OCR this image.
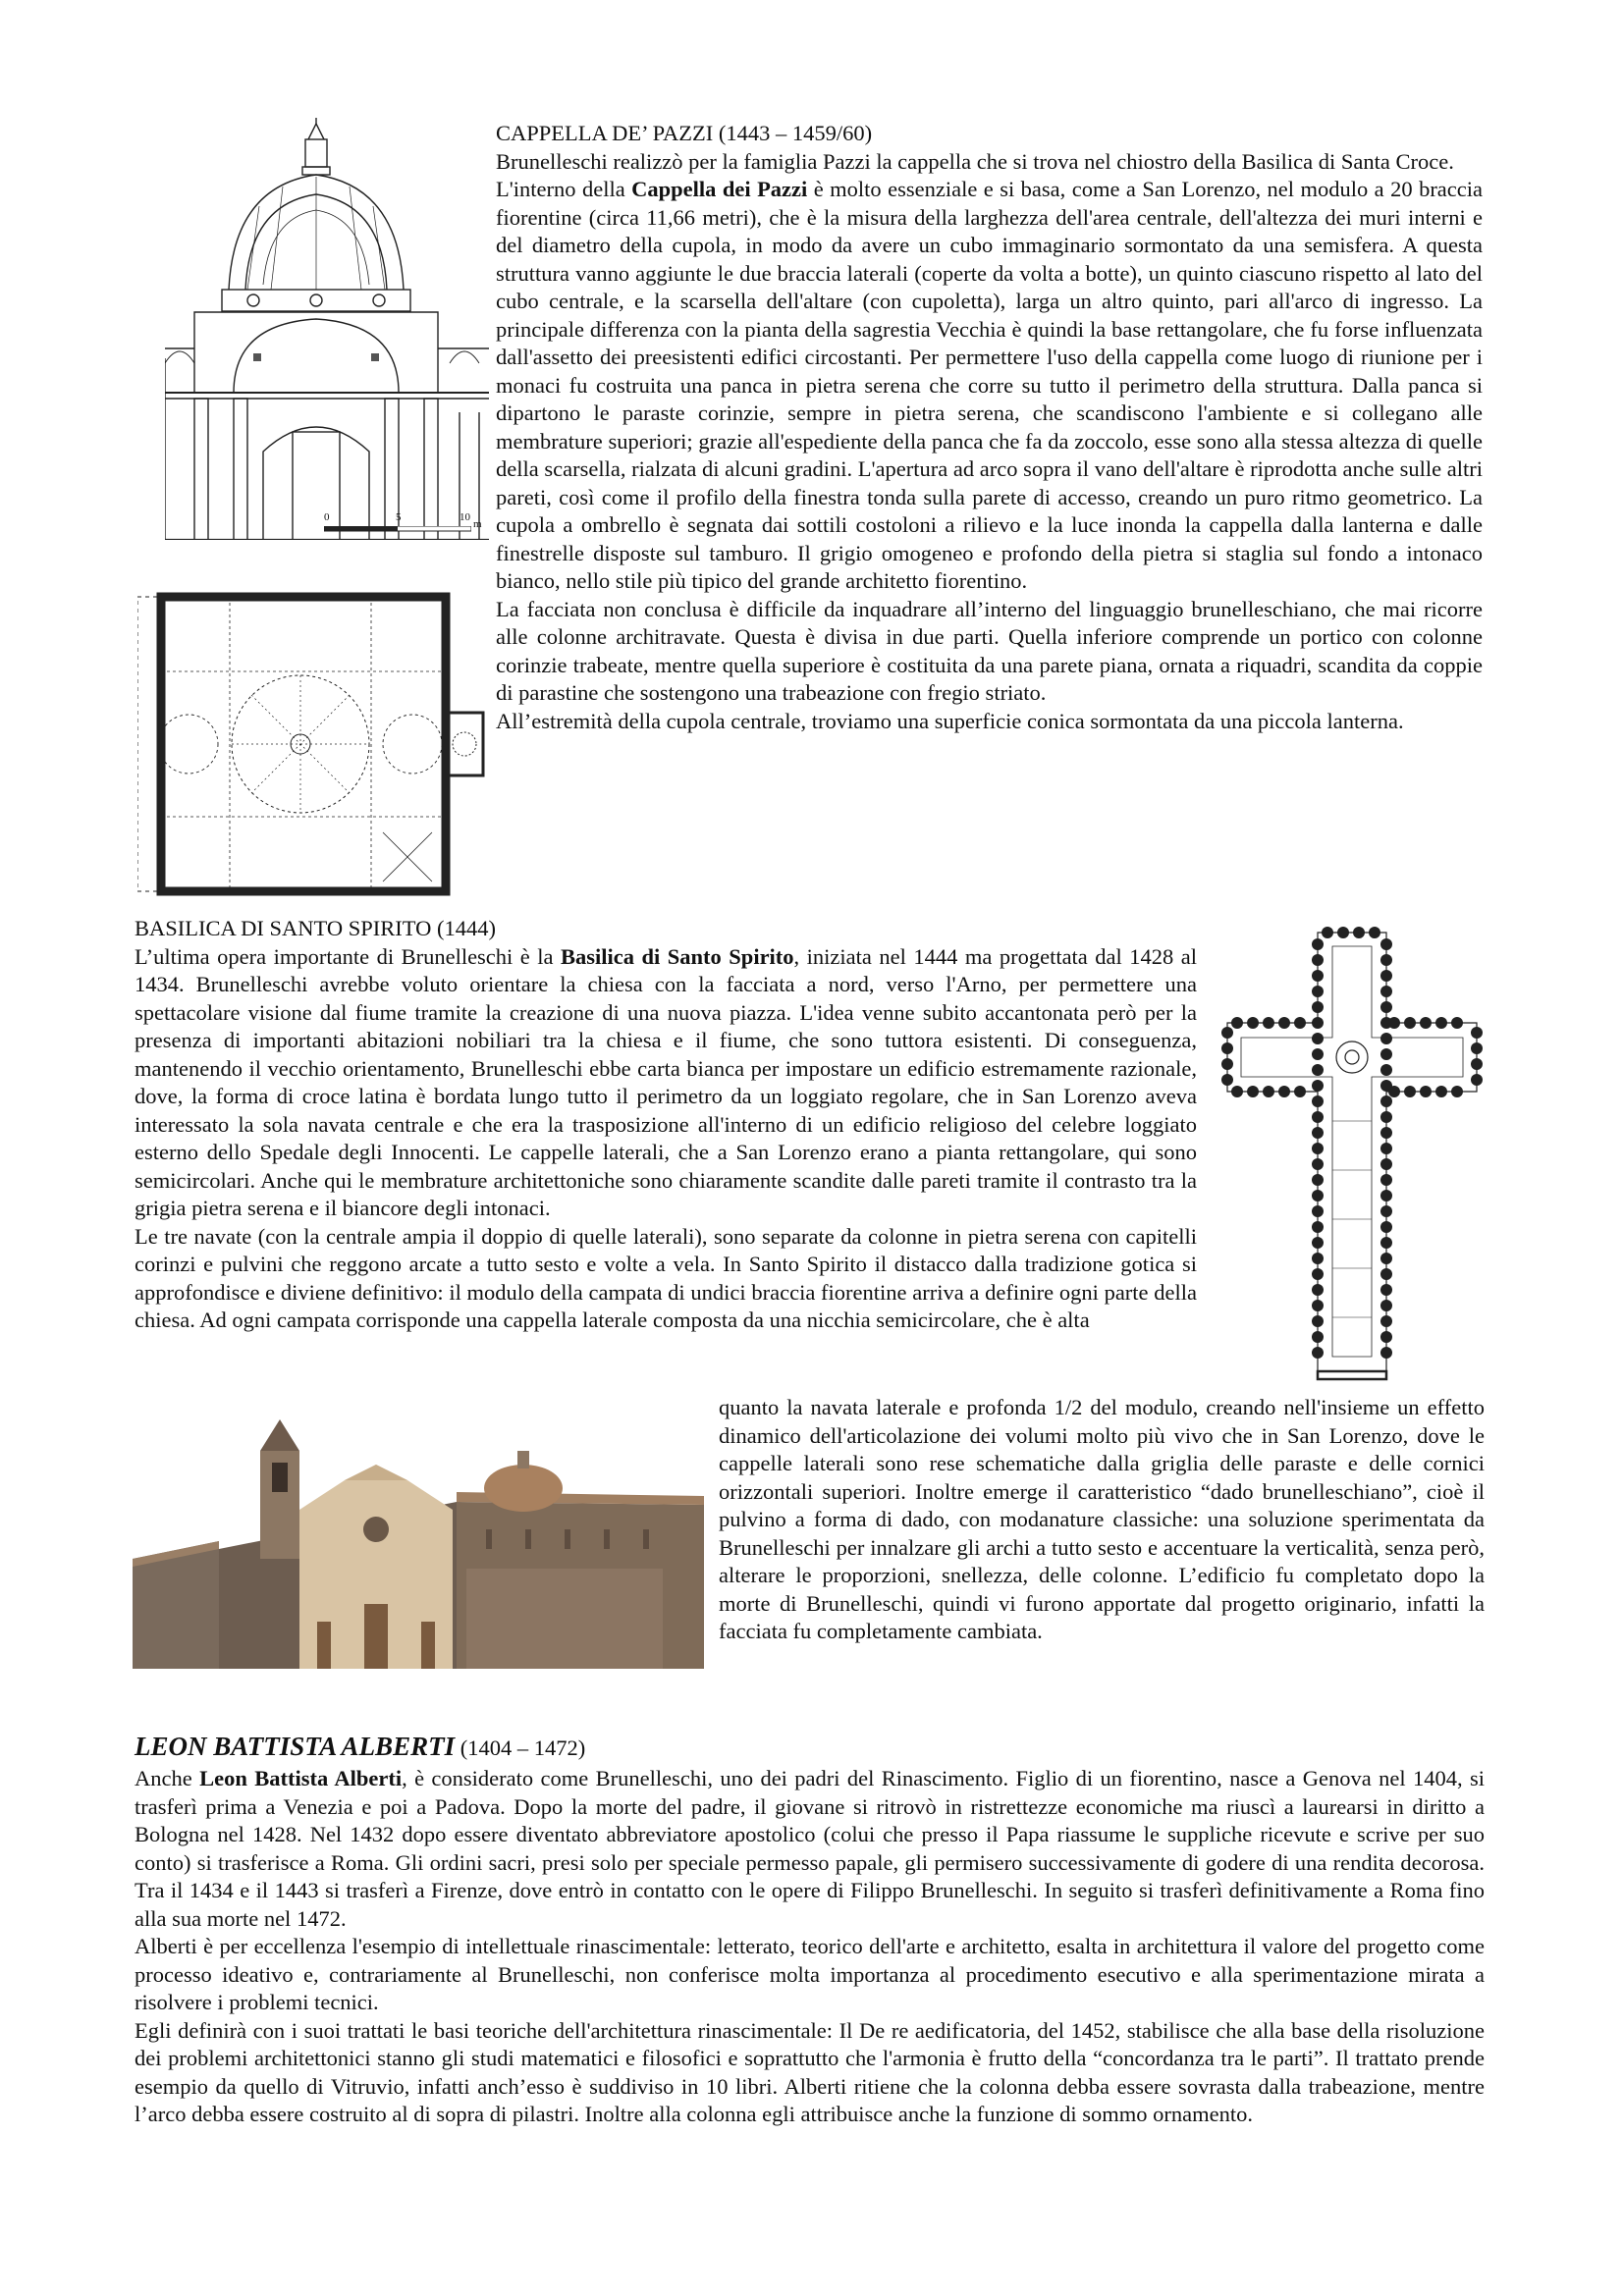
0	5	10
m

CAPPELLA DE’ PAZZI (1443 – 1459/60)

Brunelleschi realizzò per la famiglia Pazzi la cappella che si trova nel chiostro della Basilica di Santa Croce.

L'interno della Cappella dei Pazzi è molto essenziale e si basa, come a San Lorenzo, nel modulo a 20 braccia fiorentine (circa 11,66 metri), che è la misura della larghezza dell'area centrale, dell'altezza dei muri interni e del diametro della cupola, in modo da avere un cubo immaginario sormontato da una semisfera. A questa struttura vanno aggiunte le due braccia laterali (coperte da volta a botte), un quinto ciascuno rispetto al lato del cubo centrale, e la scarsella dell'altare (con cupoletta), larga un altro quinto, pari all'arco di ingresso. La principale differenza con la pianta della sagrestia Vecchia è quindi la base rettangolare, che fu forse influenzata dall'assetto dei preesistenti edifici circostanti. Per permettere l'uso della cappella come luogo di riunione per i monaci fu costruita una panca in pietra serena che corre su tutto il perimetro della struttura. Dalla panca si dipartono le paraste corinzie, sempre in pietra serena, che scandiscono l'ambiente e si collegano alle membrature superiori; grazie all'espediente della panca che fa da zoccolo, esse sono alla stessa altezza di quelle della scarsella, rialzata di alcuni gradini. L'apertura ad arco sopra il vano dell'altare è riprodotta anche sulle altri pareti, così come il profilo della finestra tonda sulla parete di accesso, creando un puro ritmo geometrico. La cupola a ombrello è segnata dai sottili costoloni a rilievo e la luce inonda la cappella dalla lanterna e dalle finestrelle disposte sul tamburo. Il grigio omogeneo e profondo della pietra si staglia sul fondo a intonaco bianco, nello stile più tipico del grande architetto fiorentino.

La facciata non conclusa è difficile da inquadrare all’interno del linguaggio brunelleschiano, che mai ricorre alle colonne architravate. Questa è divisa in due parti. Quella inferiore comprende un portico con colonne corinzie trabeate, mentre quella superiore è costituita da una parete piana, ornata a riquadri, scandita da coppie di parastine che sostengono una trabeazione con fregio striato.

All’estremità della cupola centrale, troviamo una superficie conica sormontata da una piccola lanterna.

BASILICA DI SANTO SPIRITO (1444)

L’ultima opera importante di Brunelleschi è la Basilica di Santo Spirito, iniziata nel 1444 ma progettata dal 1428 al 1434. Brunelleschi avrebbe voluto orientare la chiesa con la facciata a nord, verso l'Arno, per permettere una spettacolare visione dal fiume tramite la creazione di una nuova piazza. L'idea venne subito accantonata però per la presenza di importanti abitazioni nobiliari tra la chiesa e il fiume, che sono tuttora esistenti. Di conseguenza, mantenendo il vecchio orientamento, Brunelleschi ebbe carta bianca per impostare un edificio estremamente razionale, dove, la forma di croce latina è bordata lungo tutto il perimetro da un loggiato regolare, che in San Lorenzo aveva interessato la sola navata centrale e che era la trasposizione all'interno di un edificio religioso del celebre loggiato esterno dello Spedale degli Innocenti. Le cappelle laterali, che a San Lorenzo erano a pianta rettangolare, qui sono semicircolari. Anche qui le membrature architettoniche sono chiaramente scandite dalle pareti tramite il contrasto tra la grigia pietra serena e il biancore degli intonaci.

Le tre navate (con la centrale ampia il doppio di quelle laterali), sono separate da colonne in pietra serena con capitelli corinzi e pulvini che reggono arcate a tutto sesto e volte a vela. In Santo Spirito il distacco dalla tradizione gotica si approfondisce e diviene definitivo: il modulo della campata di undici braccia fiorentine arriva a definire ogni parte della chiesa. Ad ogni campata corrisponde una cappella laterale composta da una nicchia semicircolare, che è alta

quanto la navata laterale e profonda 1/2 del modulo, creando nell'insieme un effetto dinamico dell'articolazione dei volumi molto più vivo che in San Lorenzo, dove le cappelle laterali sono rese schematiche dalla griglia delle paraste e delle cornici orizzontali superiori. Inoltre emerge il caratteristico “dado brunelleschiano”, cioè il pulvino a forma di dado, con modanature classiche: una soluzione sperimentata da Brunelleschi per innalzare gli archi a tutto sesto e accentuare la verticalità, senza però, alterare le proporzioni, snellezza, delle colonne. L’edificio fu completato dopo la morte di Brunelleschi, quindi vi furono apportate dal progetto originario, infatti la facciata fu completamente cambiata.

LEON BATTISTA ALBERTI (1404 – 1472)

Anche Leon Battista Alberti, è considerato come Brunelleschi, uno dei padri del Rinascimento. Figlio di un fiorentino, nasce a Genova nel 1404, si trasferì prima a Venezia e poi a Padova. Dopo la morte del padre, il giovane si ritrovò in ristrettezze economiche ma riuscì a laurearsi in diritto a Bologna nel 1428. Nel 1432 dopo essere diventato abbreviatore apostolico (colui che presso il Papa riassume le suppliche ricevute e scrive per suo conto) si trasferisce a Roma. Gli ordini sacri, presi solo per speciale permesso papale, gli permisero successivamente di godere di una rendita decorosa. Tra il 1434 e il 1443 si trasferì a Firenze, dove entrò in contatto con le opere di Filippo Brunelleschi. In seguito si trasferì definitivamente a Roma fino alla sua morte nel 1472.

Alberti è per eccellenza l'esempio di intellettuale rinascimentale: letterato, teorico dell'arte e architetto, esalta in architettura il valore del progetto come processo ideativo e, contrariamente al Brunelleschi, non conferisce molta importanza al procedimento esecutivo e alla sperimentazione mirata a risolvere i problemi tecnici.

Egli definirà con i suoi trattati le basi teoriche dell'architettura rinascimentale: Il De re aedificatoria, del 1452, stabilisce che alla base della risoluzione dei problemi architettonici stanno gli studi matematici e filosofici e soprattutto che l'armonia è frutto della “concordanza tra le parti”. Il trattato prende esempio da quello di Vitruvio, infatti anch’esso è suddiviso in 10 libri. Alberti ritiene che la colonna debba essere sovrasta dalla trabeazione, mentre l’arco debba essere costruito al di sopra di pilastri. Inoltre alla colonna egli attribuisce anche la funzione di sommo ornamento.
